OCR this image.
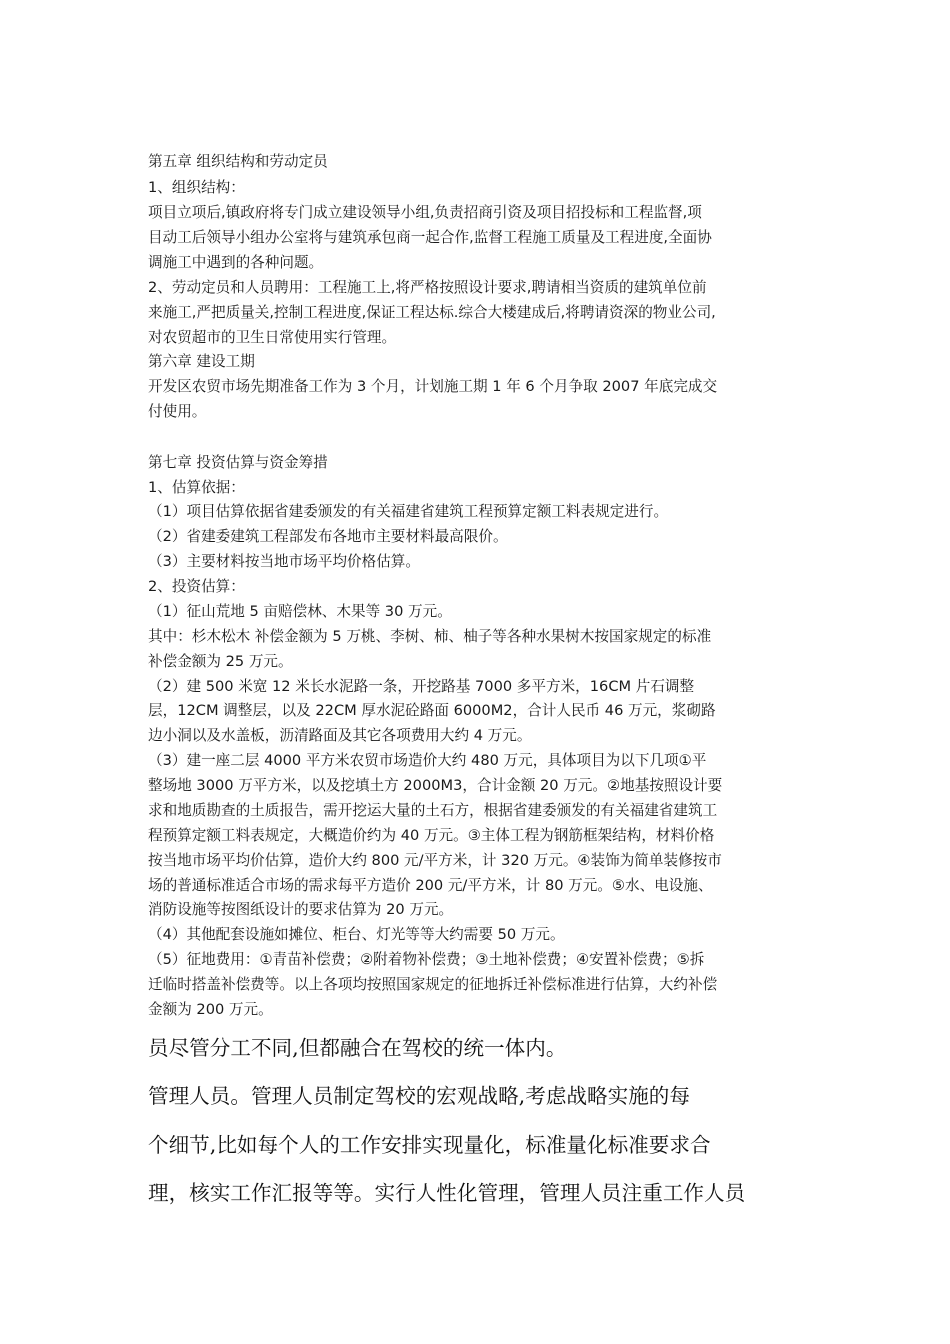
第五章 组织结构和劳动定员

1、组织结构：

项目立项后,镇政府将专门成立建设领导小组,负责招商引资及项目招投标和工程监督,项

目动工后领导小组办公室将与建筑承包商一起合作,监督工程施工质量及工程进度,全面协

调施工中遇到的各种问题。

2、劳动定员和人员聘用：工程施工上,将严格按照设计要求,聘请相当资质的建筑单位前

来施工,严把质量关,控制工程进度,保证工程达标.综合大楼建成后,将聘请资深的物业公司,

对农贸超市的卫生日常使用实行管理。

第六章 建设工期

开发区农贸市场先期准备工作为 3 个月，计划施工期 1 年 6 个月争取 2007 年底完成交

付使用。

第七章 投资估算与资金筹措

1、估算依据：

（1）项目估算依据省建委颁发的有关福建省建筑工程预算定额工料表规定进行。

（2）省建委建筑工程部发布各地市主要材料最高限价。

（3）主要材料按当地市场平均价格估算。

2、投资估算：

（1）征山荒地 5 亩赔偿林、木果等 30 万元。

其中：杉木松木 补偿金额为 5 万桃、李树、柿、柚子等各种水果树木按国家规定的标准

补偿金额为 25 万元。

（2）建 500 米宽 12 米长水泥路一条，开挖路基 7000 多平方米，16CM 片石调整

层，12CM 调整层，以及 22CM 厚水泥砼路面 6000M2，合计人民币 46 万元，浆砌路

边小洞以及水盖板，沥清路面及其它各项费用大约 4 万元。

（3）建一座二层 4000 平方米农贸市场造价大约 480 万元，具体项目为以下几项①平

整场地 3000 万平方米，以及挖填土方 2000M3，合计金额 20 万元。②地基按照设计要

求和地质勘查的土质报告，需开挖运大量的土石方，根据省建委颁发的有关福建省建筑工

程预算定额工料表规定，大概造价约为 40 万元。③主体工程为钢筋框架结构，材料价格

按当地市场平均价估算，造价大约 800 元/平方米，计 320 万元。④装饰为简单装修按市

场的普通标准适合市场的需求每平方造价 200 元/平方米，计 80 万元。⑤水、电设施、

消防设施等按图纸设计的要求估算为 20 万元。

（4）其他配套设施如摊位、柜台、灯光等等大约需要 50 万元。

（5）征地费用：①青苗补偿费；②附着物补偿费；③土地补偿费；④安置补偿费；⑤拆

迁临时搭盖补偿费等。以上各项均按照国家规定的征地拆迁补偿标准进行估算，大约补偿

金额为 200 万元。

员尽管分工不同,但都融合在驾校的统一体内。

管理人员。管理人员制定驾校的宏观战略,考虑战略实施的每

个细节,比如每个人的工作安排实现量化，标准量化标准要求合

理，核实工作汇报等等。实行人性化管理，管理人员注重工作人员
